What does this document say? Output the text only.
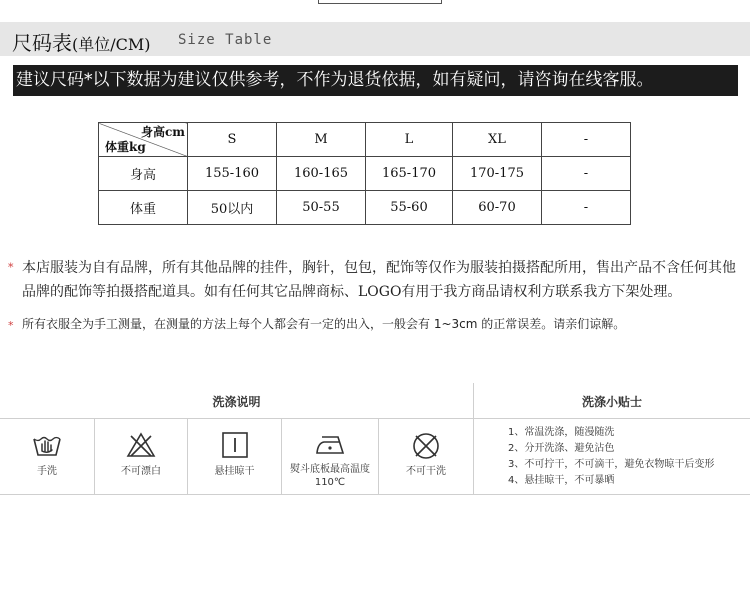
尺码表(单位/CM) Size Table
建议尺码*以下数据为建议仅供参考，不作为退货依据，如有疑问，请咨询在线客服。
身高cm
体重kg	S	M	L	XL	-
身高	155-160	160-165	165-170	170-175	-
体重	50以内	50-55	55-60	60-70	-
* 本店服装为自有品牌，所有其他品牌的挂件，胸针，包包，配饰等仅作为服装拍摄搭配所用，售出产品不含任何其他品牌的配饰等拍摄搭配道具。如有任何其它品牌商标、LOGO有用于我方商品请权利方联系我方下架处理。
* 所有衣服全为手工测量，在测量的方法上每个人都会有一定的出入，一般会有 1~3cm 的正常误差。请亲们谅解。
洗涤说明	洗涤小贴士
手洗	不可漂白	悬挂晾干	熨斗底板最高温度110℃
不可干洗
1、常温洗涤，随漫随洗
2、分开洗涤、避免沾色
3、不可拧干，不可滴干，避免衣物晾干后变形
4、悬挂晾干，不可暴晒
